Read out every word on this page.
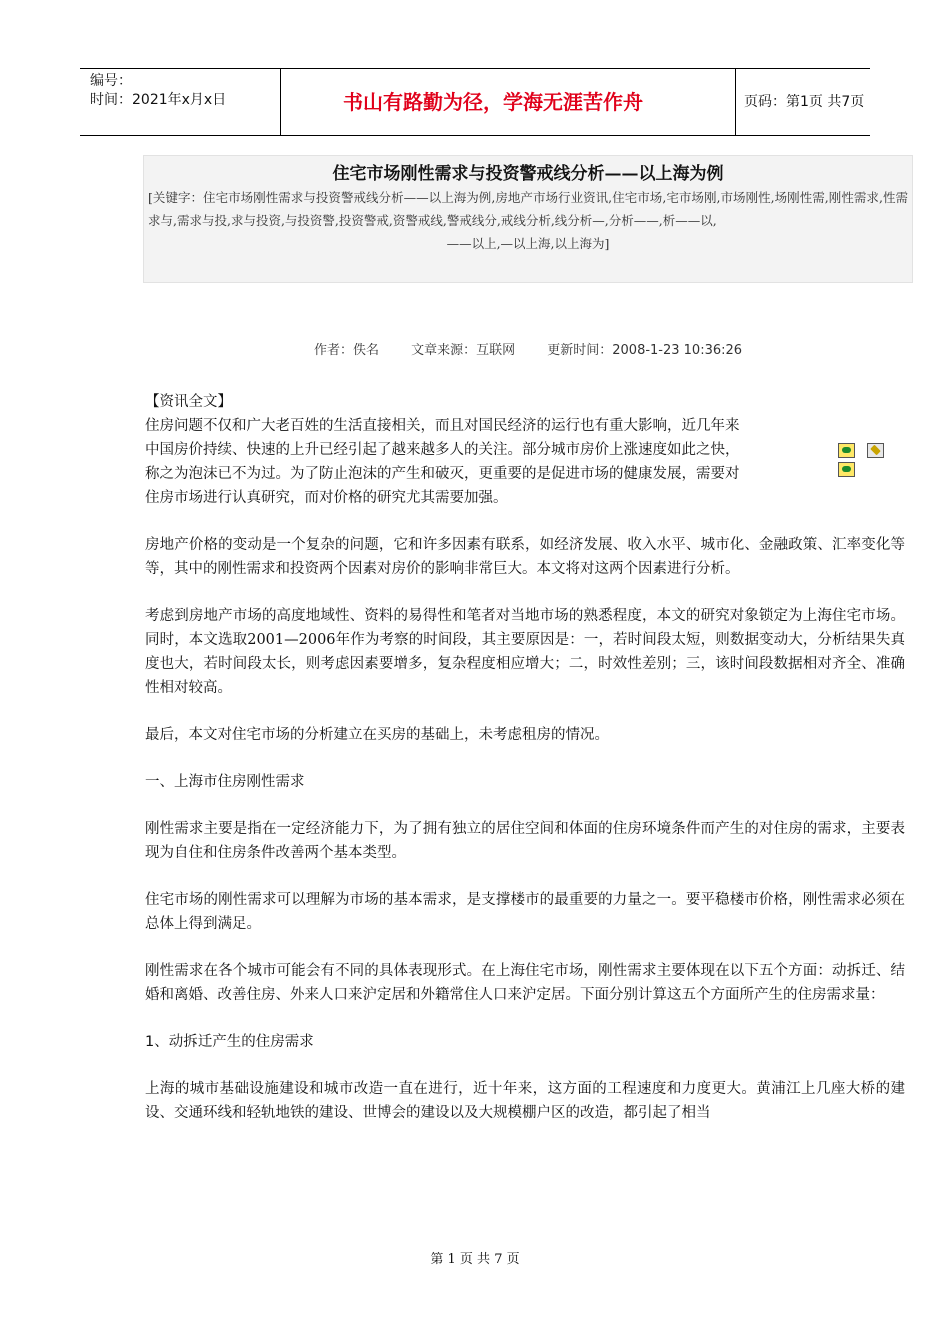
编号：
时间：2021年x月x日	书山有路勤为径，学海无涯苦作舟	页码：第1页 共7页
住宅市场刚性需求与投资警戒线分析——以上海为例
[关键字：住宅市场刚性需求与投资警戒线分析——以上海为例,房地产市场行业资讯,住宅市场,宅市场刚,市场刚性,场刚性需,刚性需求,性需求与,需求与投,求与投资,与投资警,投资警戒,资警戒线,警戒线分,戒线分析,线分析—,分析——,析——以,
——以上,—以上海,以上海为]
作者：佚名 文章来源：互联网 更新时间：2008-1-23 10:36:26
【资讯全文】

住房问题不仅和广大老百姓的生活直接相关，而且对国民经济的运行也有重大影响，近几年来
中国房价持续、快速的上升已经引起了越来越多人的关注。部分城市房价上涨速度如此之快，
称之为泡沫已不为过。为了防止泡沫的产生和破灭，更重要的是促进市场的健康发展，需要对
住房市场进行认真研究，而对价格的研究尤其需要加强。

房地产价格的变动是一个复杂的问题，它和许多因素有联系，如经济发展、收入水平、城市化、金融政策、汇率变化等等，其中的刚性需求和投资两个因素对房价的影响非常巨大。本文将对这两个因素进行分析。

考虑到房地产市场的高度地域性、资料的易得性和笔者对当地市场的熟悉程度，本文的研究对象锁定为上海住宅市场。同时，本文选取2001—2006年作为考察的时间段，其主要原因是：一，若时间段太短，则数据变动大，分析结果失真度也大，若时间段太长，则考虑因素要增多，复杂程度相应增大；二，时效性差别；三，该时间段数据相对齐全、准确性相对较高。

最后，本文对住宅市场的分析建立在买房的基础上，未考虑租房的情况。

一、上海市住房刚性需求

刚性需求主要是指在一定经济能力下，为了拥有独立的居住空间和体面的住房环境条件而产生的对住房的需求，主要表现为自住和住房条件改善两个基本类型。

住宅市场的刚性需求可以理解为市场的基本需求，是支撑楼市的最重要的力量之一。要平稳楼市价格，刚性需求必须在总体上得到满足。

刚性需求在各个城市可能会有不同的具体表现形式。在上海住宅市场，刚性需求主要体现在以下五个方面：动拆迁、结婚和离婚、改善住房、外来人口来沪定居和外籍常住人口来沪定居。下面分别计算这五个方面所产生的住房需求量：

1、动拆迁产生的住房需求

上海的城市基础设施建设和城市改造一直在进行，近十年来，这方面的工程速度和力度更大。黄浦江上几座大桥的建设、交通环线和轻轨地铁的建设、世博会的建设以及大规模棚户区的改造，都引起了相当

第 1 页 共 7 页
